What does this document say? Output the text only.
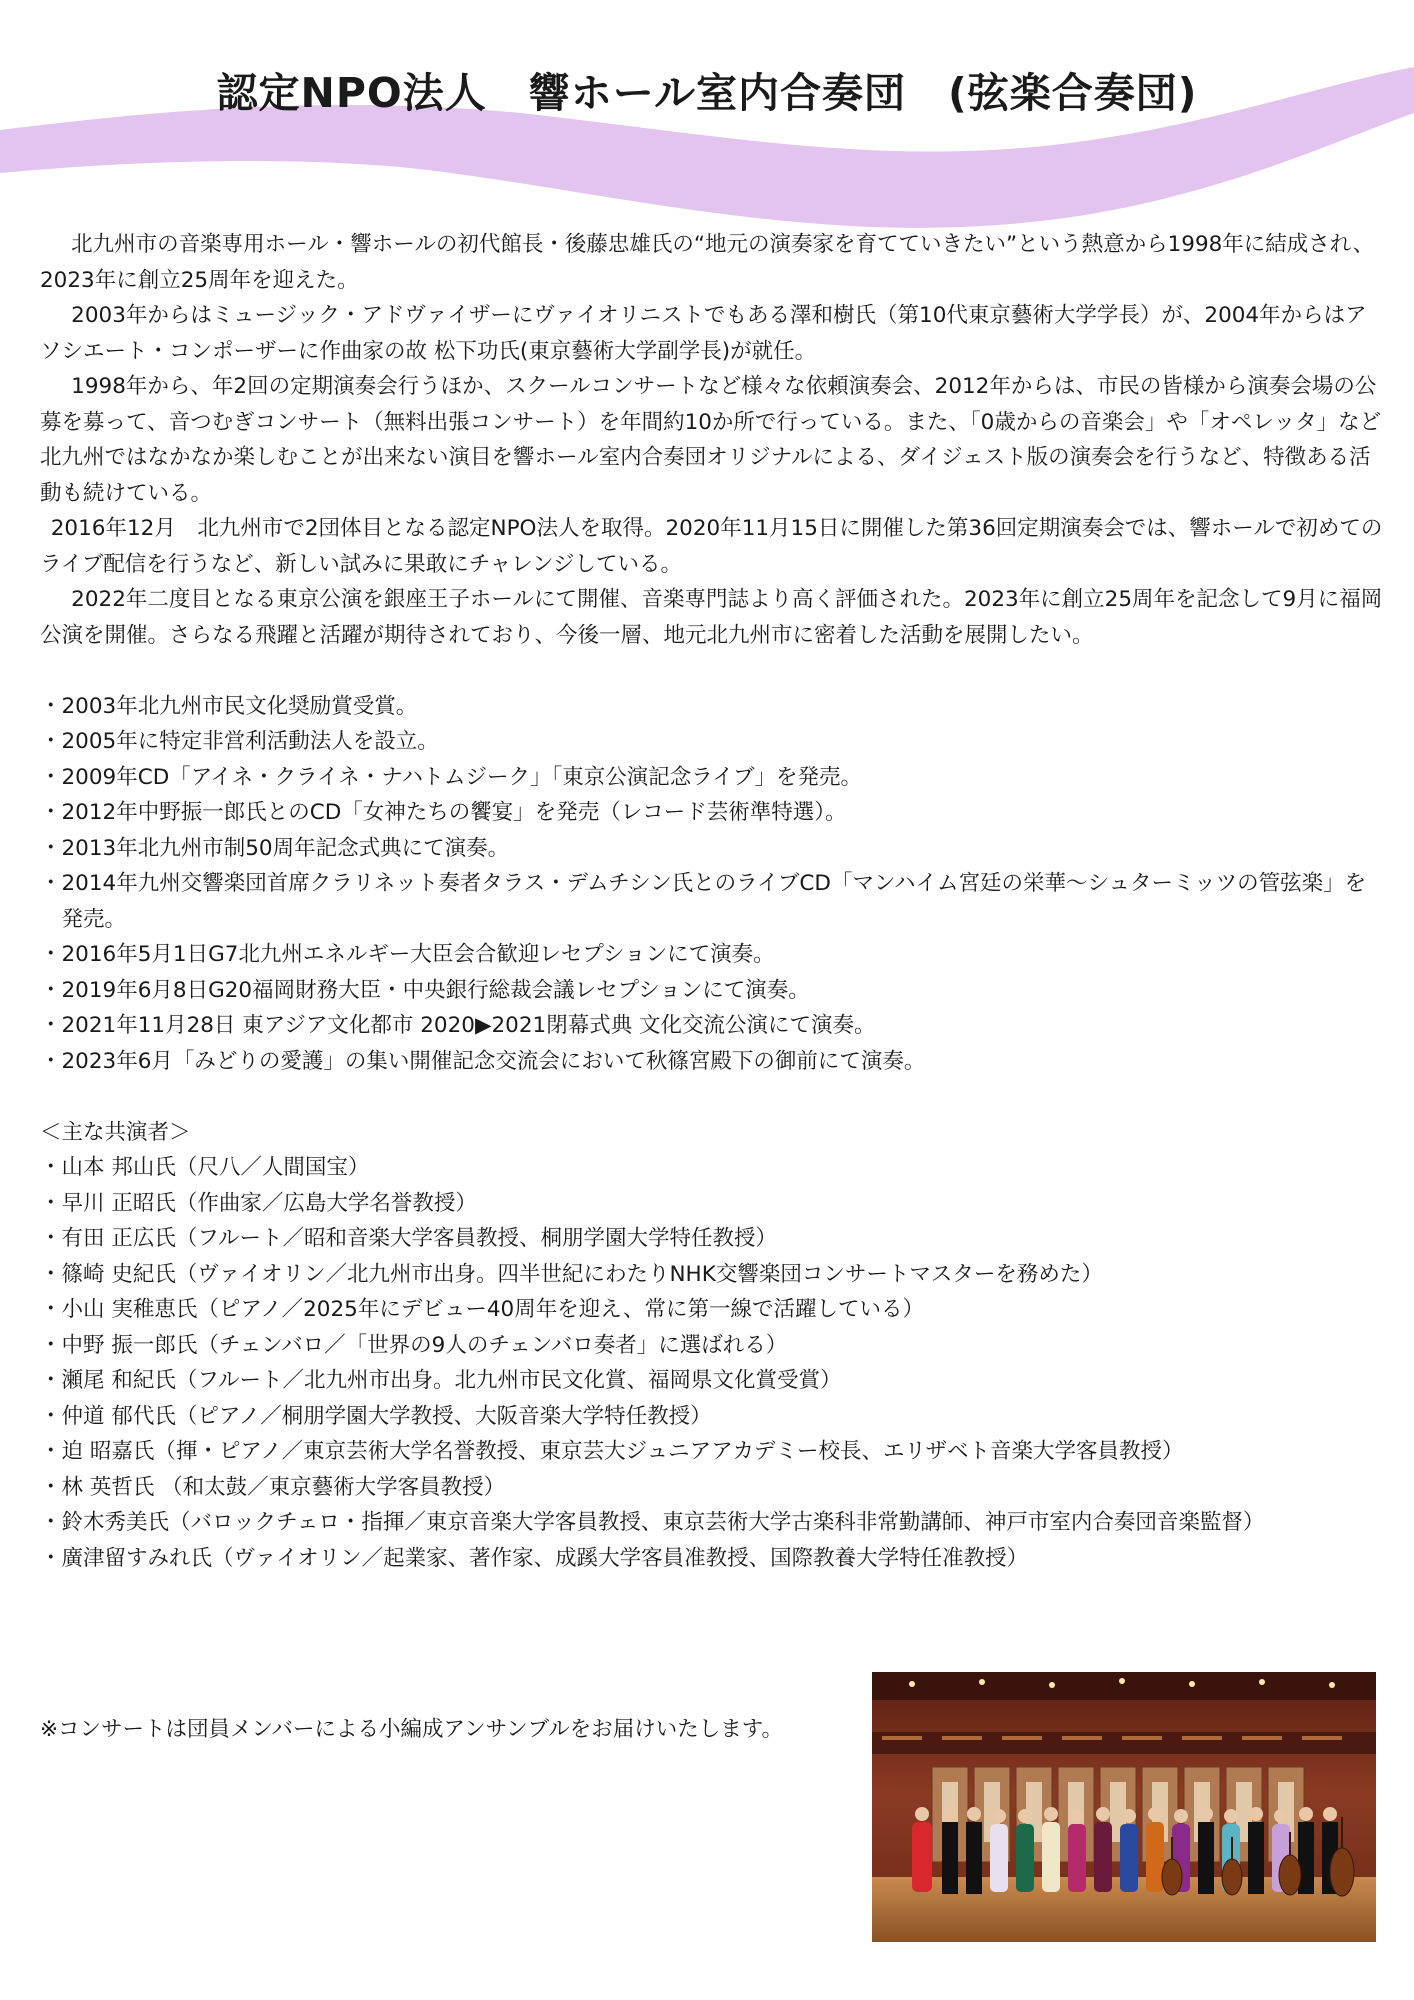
認定NPO法人　響ホール室内合奏団　(弦楽合奏団)

北九州市の音楽専用ホール・響ホールの初代館長・後藤忠雄氏の“地元の演奏家を育てていきたい”という熱意から1998年に結成され、2023年に創立25周年を迎えた。

2003年からはミュージック・アドヴァイザーにヴァイオリニストでもある澤和樹氏（第10代東京藝術大学学長）が、2004年からはアソシエート・コンポーザーに作曲家の故 松下功氏(東京藝術大学副学長)が就任。

1998年から、年2回の定期演奏会行うほか、スクールコンサートなど様々な依頼演奏会、2012年からは、市民の皆様から演奏会場の公募を募って、音つむぎコンサート（無料出張コンサート）を年間約10か所で行っている。また、「0歳からの音楽会」や「オペレッタ」など北九州ではなかなか楽しむことが出来ない演目を響ホール室内合奏団オリジナルによる、ダイジェスト版の演奏会を行うなど、特徴ある活動も続けている。

2016年12月　北九州市で2団体目となる認定NPO法人を取得。2020年11月15日に開催した第36回定期演奏会では、響ホールで初めてのライブ配信を行うなど、新しい試みに果敢にチャレンジしている。

2022年二度目となる東京公演を銀座王子ホールにて開催、音楽専門誌より高く評価された。2023年に創立25周年を記念して9月に福岡公演を開催。さらなる飛躍と活躍が期待されており、今後一層、地元北九州市に密着した活動を展開したい。

・2003年北九州市民文化奨励賞受賞。
・2005年に特定非営利活動法人を設立。
・2009年CD「アイネ・クライネ・ナハトムジーク」「東京公演記念ライブ」を発売。
・2012年中野振一郎氏とのCD「女神たちの饗宴」を発売（レコード芸術準特選）。
・2013年北九州市制50周年記念式典にて演奏。
・2014年九州交響楽団首席クラリネット奏者タラス・デムチシン氏とのライブCD「マンハイム宮廷の栄華～シュターミッツの管弦楽」を発売。
・2016年5月1日G7北九州エネルギー大臣会合歓迎レセプションにて演奏。
・2019年6月8日G20福岡財務大臣・中央銀行総裁会議レセプションにて演奏。
・2021年11月28日 東アジア文化都市 2020▶2021閉幕式典 文化交流公演にて演奏。
・2023年6月「みどりの愛護」の集い開催記念交流会において秋篠宮殿下の御前にて演奏。

＜主な共演者＞

・山本 邦山氏（尺八／人間国宝）
・早川 正昭氏（作曲家／広島大学名誉教授）
・有田 正広氏（フルート／昭和音楽大学客員教授、桐朋学園大学特任教授）
・篠崎 史紀氏（ヴァイオリン／北九州市出身。四半世紀にわたりNHK交響楽団コンサートマスターを務めた）
・小山 実稚恵氏（ピアノ／2025年にデビュー40周年を迎え、常に第一線で活躍している）
・中野 振一郎氏（チェンバロ／「世界の9人のチェンバロ奏者」に選ばれる）
・瀬尾 和紀氏（フルート／北九州市出身。北九州市民文化賞、福岡県文化賞受賞）
・仲道 郁代氏（ピアノ／桐朋学園大学教授、大阪音楽大学特任教授）
・迫 昭嘉氏（揮・ピアノ／東京芸術大学名誉教授、東京芸大ジュニアアカデミー校長、エリザベト音楽大学客員教授）
・林 英哲氏 （和太鼓／東京藝術大学客員教授）
・鈴木秀美氏（バロックチェロ・指揮／東京音楽大学客員教授、東京芸術大学古楽科非常勤講師、神戸市室内合奏団音楽監督）
・廣津留すみれ氏（ヴァイオリン／起業家、著作家、成蹊大学客員准教授、国際教養大学特任准教授）

※コンサートは団員メンバーによる小編成アンサンブルをお届けいたします。
